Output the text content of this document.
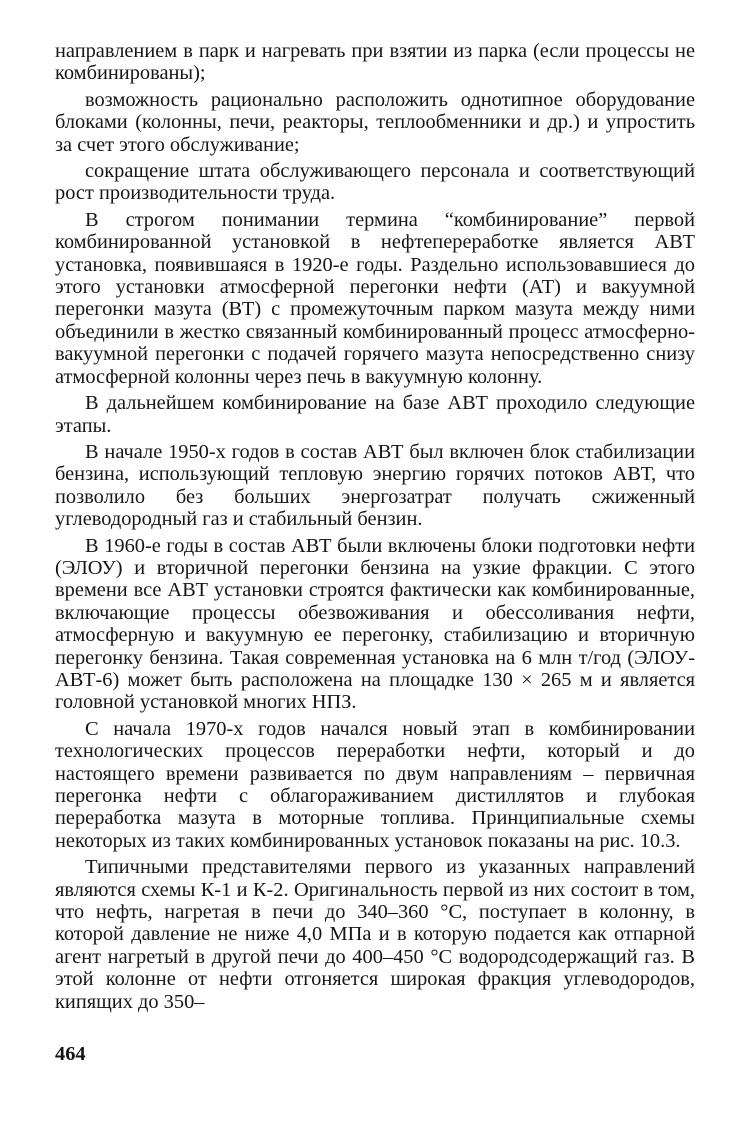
направлением в парк и нагревать при взятии из парка (если процессы не комбинированы);

возможность рационально расположить однотипное оборудование блоками (колонны, печи, реакторы, теплообменники и др.) и упростить за счет этого обслуживание;

сокращение штата обслуживающего персонала и соответствующий рост производительности труда.

В строгом понимании термина “комбинирование” первой комбинированной установкой в нефтепереработке является АВТ установка, появившаяся в 1920-е годы. Раздельно использовавшиеся до этого установки атмосферной перегонки нефти (АТ) и вакуумной перегонки мазута (ВТ) с промежуточным парком мазута между ними объединили в жестко связанный комбинированный процесс атмосферно-вакуумной перегонки с подачей горячего мазута непосредственно снизу атмосферной колонны через печь в вакуумную колонну.

В дальнейшем комбинирование на базе АВТ проходило следующие этапы.

В начале 1950-х годов в состав АВТ был включен блок стабилизации бензина, использующий тепловую энергию горячих потоков АВТ, что позволило без больших энергозатрат получать сжиженный углеводородный газ и стабильный бензин.

В 1960-е годы в состав АВТ были включены блоки подготовки нефти (ЭЛОУ) и вторичной перегонки бензина на узкие фракции. С этого времени все АВТ установки строятся фактически как комбинированные, включающие процессы обезвоживания и обессоливания нефти, атмосферную и вакуумную ее перегонку, стабилизацию и вторичную перегонку бензина. Такая современная установка на 6 млн т/год (ЭЛОУ-АВТ-6) может быть расположена на площадке 130 × 265 м и является головной установкой многих НПЗ.

С начала 1970-х годов начался новый этап в комбинировании технологических процессов переработки нефти, который и до настоящего времени развивается по двум направлениям – первичная перегонка нефти с облагораживанием дистиллятов и глубокая переработка мазута в моторные топлива. Принципиальные схемы некоторых из таких комбинированных установок показаны на рис. 10.3.

Типичными представителями первого из указанных направлений являются схемы К-1 и К-2. Оригинальность первой из них состоит в том, что нефть, нагретая в печи до 340–360 °С, поступает в колонну, в которой давление не ниже 4,0 МПа и в которую подается как отпарной агент нагретый в другой печи до 400–450 °С водородсодержащий газ. В этой колонне от нефти отгоняется широкая фракция углеводородов, кипящих до 350–

464
